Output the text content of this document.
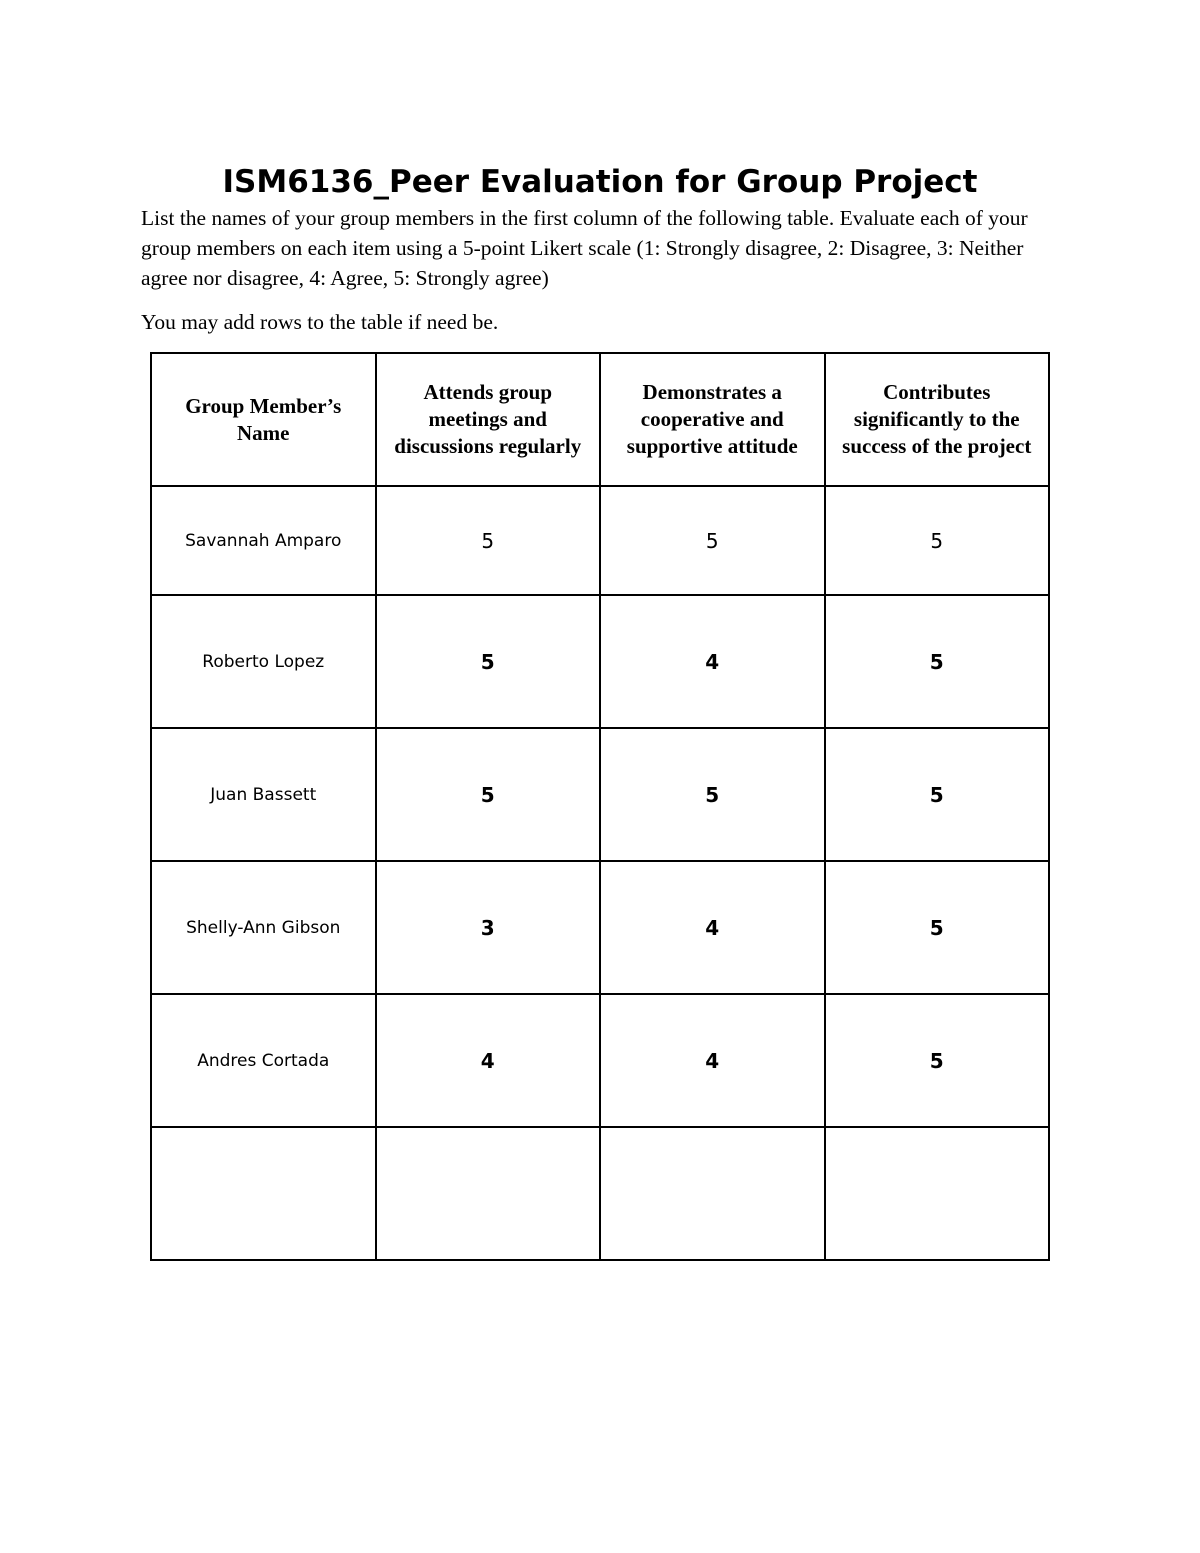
ISM6136_Peer Evaluation for Group Project

List the names of your group members in the first column of the following table. Evaluate each of your group members on each item using a 5-point Likert scale (1: Strongly disagree, 2: Disagree, 3: Neither agree nor disagree, 4: Agree, 5: Strongly agree)

You may add rows to the table if need be.

Group Member’s Name	Attends group meetings and discussions regularly	Demonstrates a cooperative and supportive attitude	Contributes significantly to the success of the project
Savannah Amparo	5	5	5
Roberto Lopez	5	4	5
Juan Bassett	5	5	5
Shelly-Ann Gibson	3	4	5
Andres Cortada	4	4	5
